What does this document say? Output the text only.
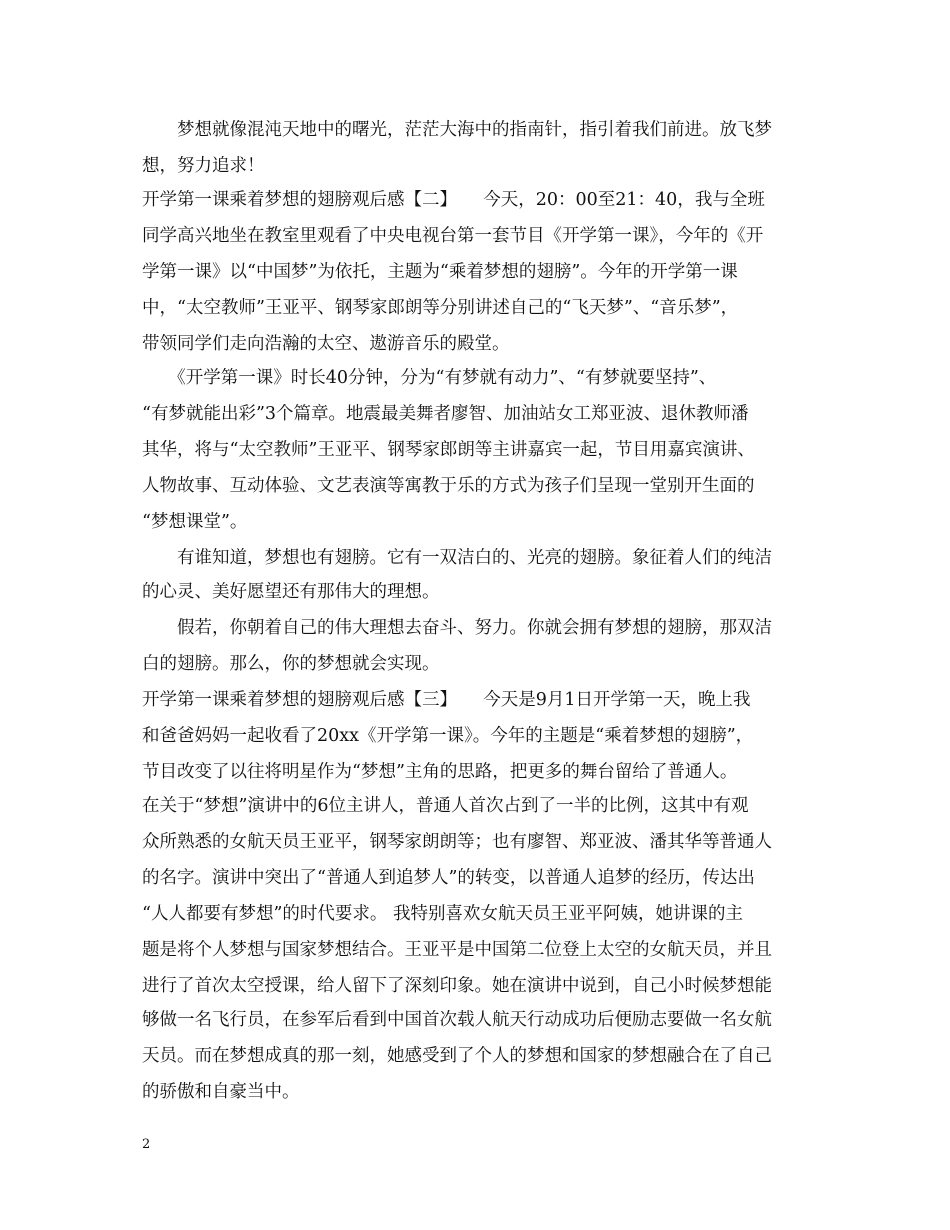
　　梦想就像混沌天地中的曙光，茫茫大海中的指南针，指引着我们前进。放飞梦
想，努力追求！
开学第一课乘着梦想的翅膀观后感【二】　　今天，20：00至21：40，我与全班
同学高兴地坐在教室里观看了中央电视台第一套节目《开学第一课》，今年的《开
学第一课》以“中国梦”为依托，主题为“乘着梦想的翅膀”。今年的开学第一课
中，“太空教师”王亚平、钢琴家郎朗等分别讲述自己的“飞天梦”、“音乐梦”，
带领同学们走向浩瀚的太空、遨游音乐的殿堂。
　　《开学第一课》时长40分钟，分为“有梦就有动力”、“有梦就要坚持”、
“有梦就能出彩”3个篇章。地震最美舞者廖智、加油站女工郑亚波、退休教师潘
其华，将与“太空教师”王亚平、钢琴家郎朗等主讲嘉宾一起，节目用嘉宾演讲、
人物故事、互动体验、文艺表演等寓教于乐的方式为孩子们呈现一堂别开生面的
“梦想课堂”。
　　有谁知道，梦想也有翅膀。它有一双洁白的、光亮的翅膀。象征着人们的纯洁
的心灵、美好愿望还有那伟大的理想。
　　假若，你朝着自己的伟大理想去奋斗、努力。你就会拥有梦想的翅膀，那双洁
白的翅膀。那么，你的梦想就会实现。
开学第一课乘着梦想的翅膀观后感【三】　　今天是9月1日开学第一天，晚上我
和爸爸妈妈一起收看了20xx《开学第一课》。今年的主题是“乘着梦想的翅膀”，
节目改变了以往将明星作为“梦想”主角的思路，把更多的舞台留给了普通人。
在关于“梦想”演讲中的6位主讲人，普通人首次占到了一半的比例，这其中有观
众所熟悉的女航天员王亚平，钢琴家朗朗等；也有廖智、郑亚波、潘其华等普通人
的名字。演讲中突出了“普通人到追梦人”的转变，以普通人追梦的经历，传达出
“人人都要有梦想”的时代要求。 我特别喜欢女航天员王亚平阿姨，她讲课的主
题是将个人梦想与国家梦想结合。王亚平是中国第二位登上太空的女航天员，并且
进行了首次太空授课，给人留下了深刻印象。她在演讲中说到，自己小时候梦想能
够做一名飞行员，在参军后看到中国首次载人航天行动成功后便励志要做一名女航
天员。而在梦想成真的那一刻，她感受到了个人的梦想和国家的梦想融合在了自己
的骄傲和自豪当中。
2
